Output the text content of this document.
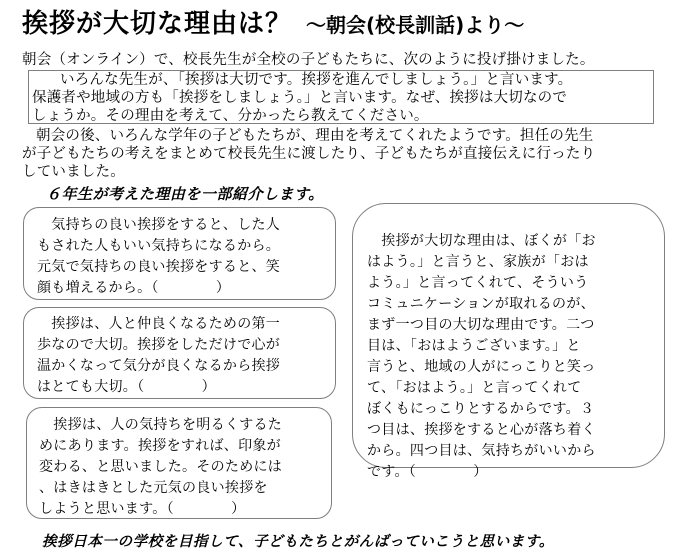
挨拶が大切な理由は？ ～朝会(校長訓話)より～
朝会（オンライン）で、校長先生が全校の子どもたちに、次のように投げ掛けました。
いろんな先生が、「挨拶は大切です。挨拶を進んでしましょう。」と言います。
保護者や地域の方も「挨拶をしましょう。」と言います。なぜ、挨拶は大切なので
しょうか。その理由を考えて、分かったら教えてください。
朝会の後、いろんな学年の子どもたちが、理由を考えてくれたようです。担任の先生
が子どもたちの考えをまとめて校長先生に渡したり、子どもたちが直接伝えに行ったり
していました。
６年生が考えた理由を一部紹介します。
　気持ちの良い挨拶をすると、した人
もされた人もいい気持ちになるから。
元気で気持ちの良い挨拶をすると、笑
顔も増えるから。（　　　　）
　挨拶は、人と仲良くなるための第一
歩なので大切。挨拶をしただけで心が
温かくなって気分が良くなるから挨拶
はとても大切。（　　　　）
　挨拶は、人の気持ちを明るくするた
めにあります。挨拶をすれば、印象が
変わる、と思いました。そのためには
、はきはきとした元気の良い挨拶を
しようと思います。（　　　　）
　挨拶が大切な理由は、ぼくが「お
はよう。」と言うと、家族が「おは
よう。」と言ってくれて、そういう
コミュニケーションが取れるのが、
まず一つ目の大切な理由です。二つ
目は、「おはようございます。」と
言うと、地域の人がにっこりと笑っ
て、「おはよう。」と言ってくれて
ぼくもにっこりとするからです。３
つ目は、挨拶をすると心が落ち着く
から。四つ目は、気持ちがいいから
です。（　　　　）
挨拶日本一の学校を目指して、子どもたちとがんばっていこうと思います。
